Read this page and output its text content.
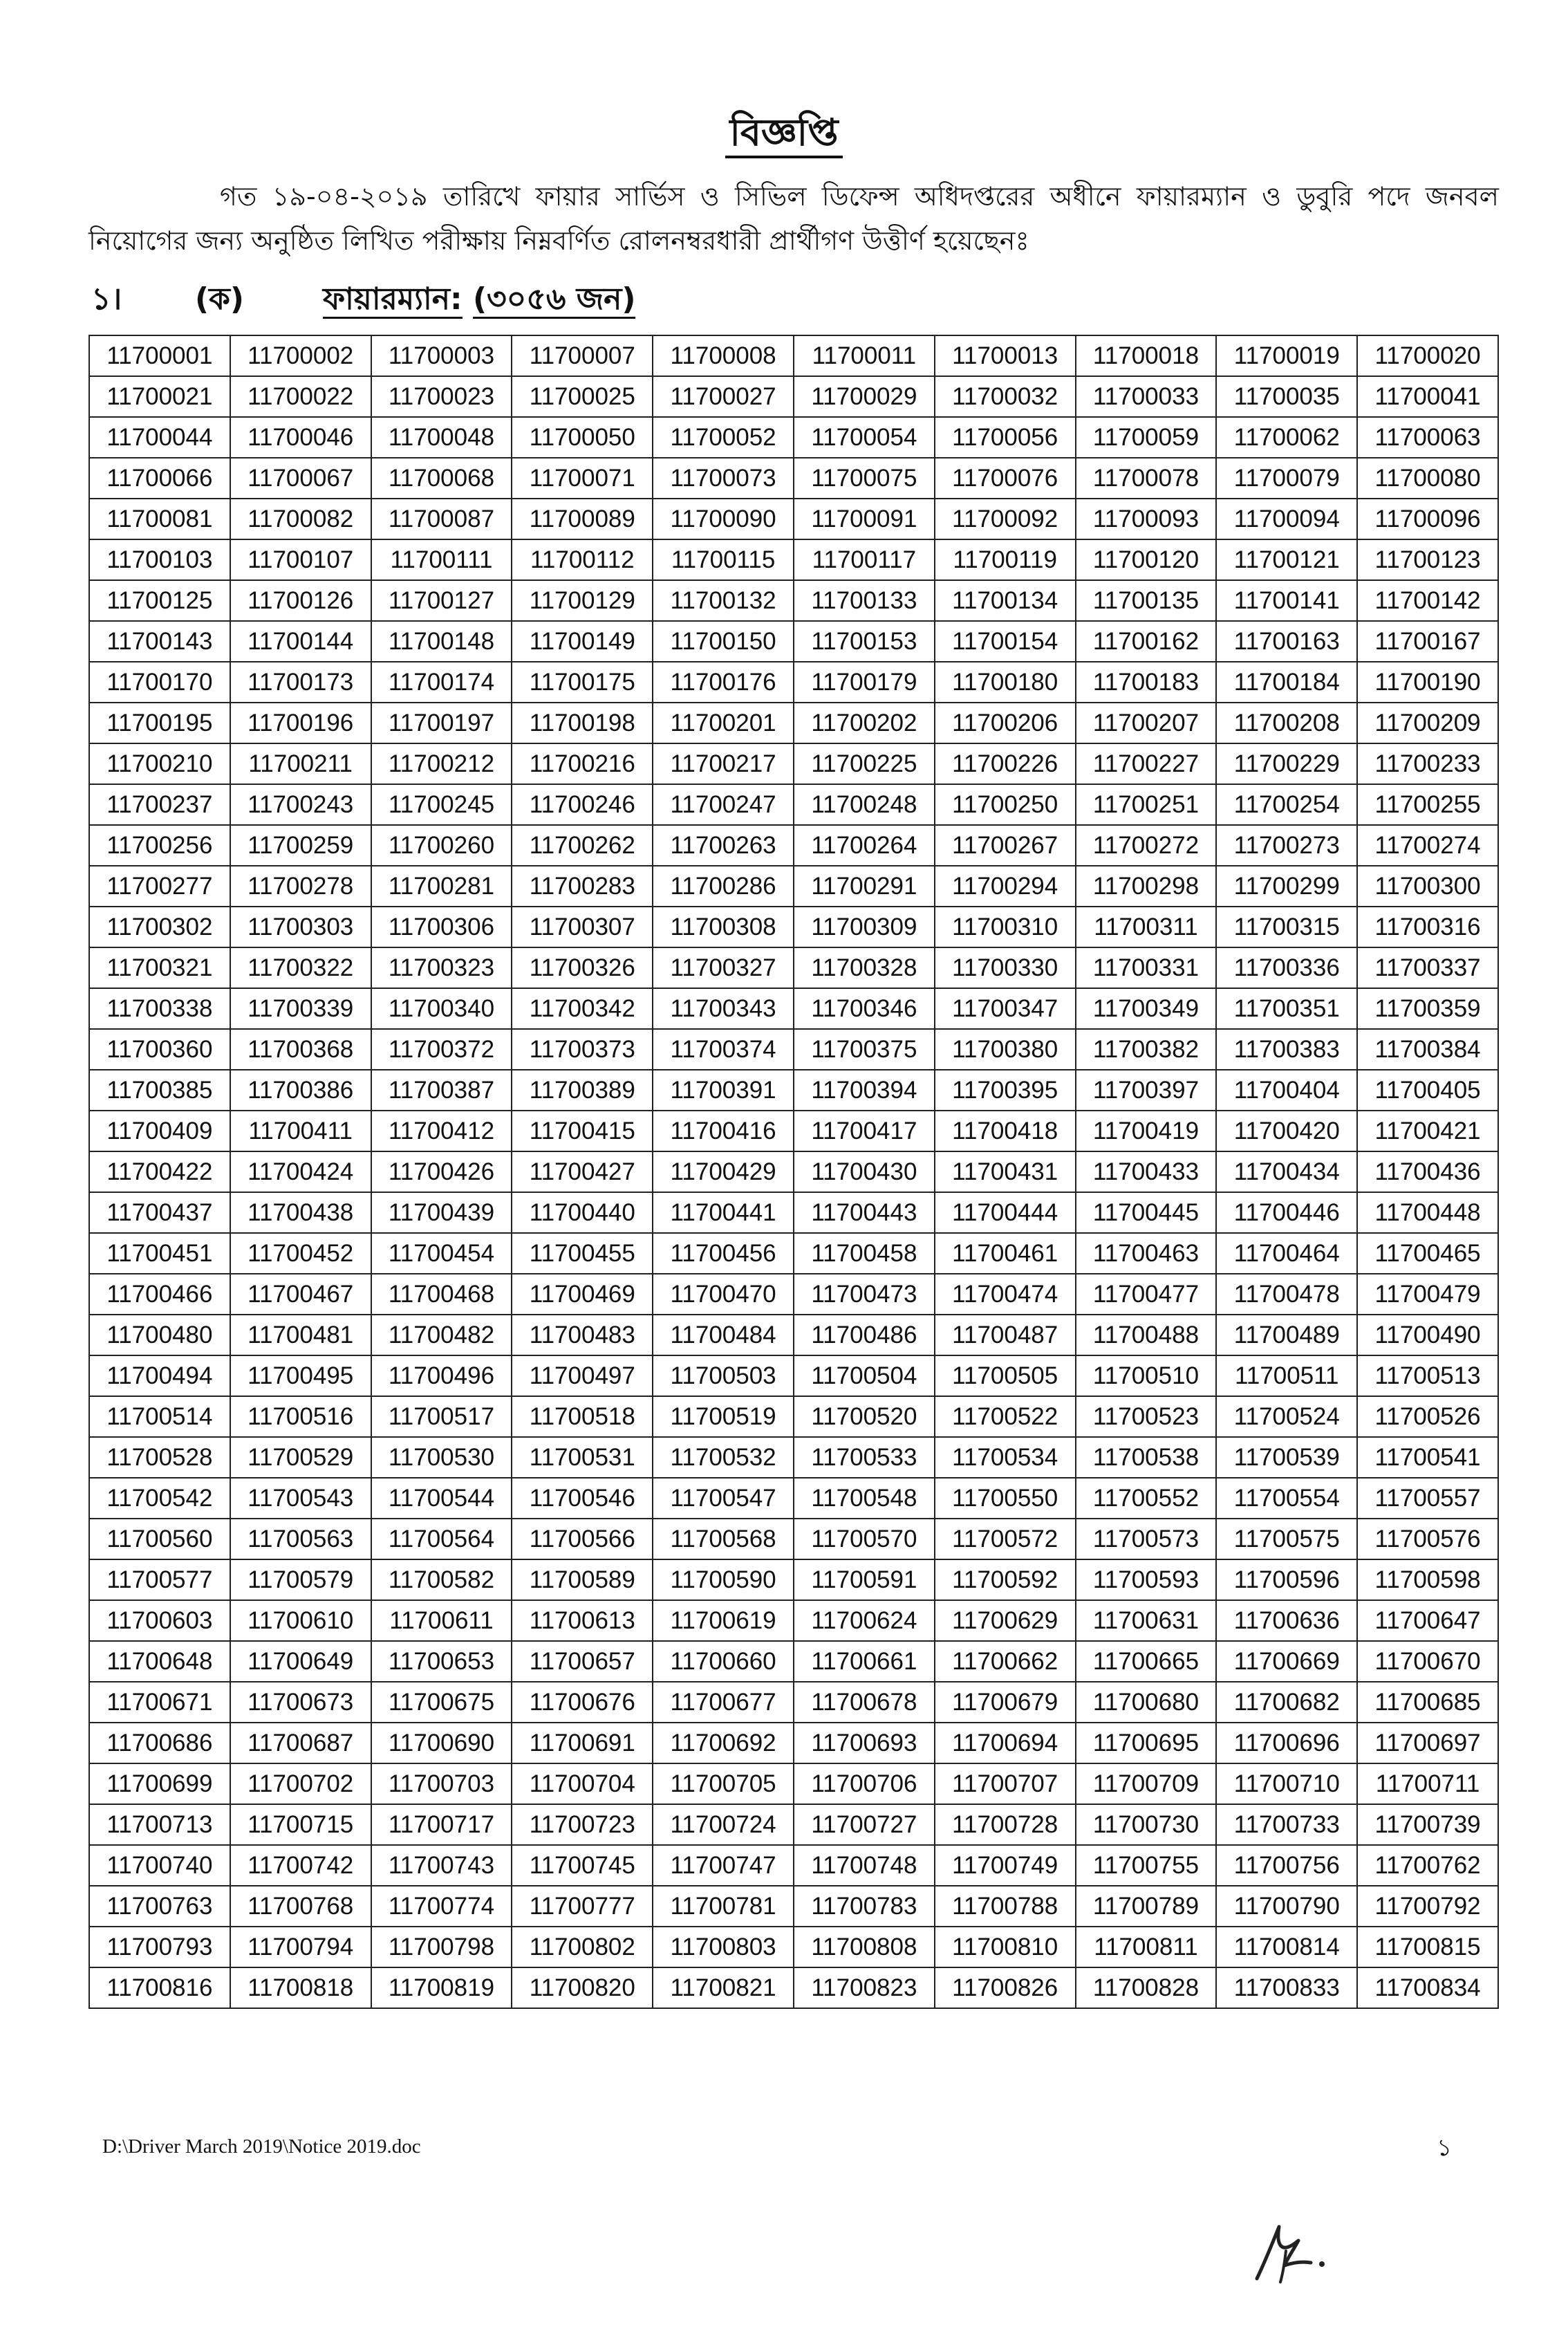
বিজ্ঞপ্তি
গত ১৯-০৪-২০১৯ তারিখে ফায়ার সার্ভিস ও সিভিল ডিফেন্স অধিদপ্তরের অধীনে ফায়ারম্যান ও ডুবুরি পদে জনবল নিয়োগের জন্য অনুষ্ঠিত লিখিত পরীক্ষায় নিম্নবর্ণিত রোলনম্বরধারী প্রার্থীগণ উত্তীর্ণ হয়েছেনঃ
১।	(ক)	ফায়ারম্যান: (৩০৫৬ জন)
11700001	11700002	11700003	11700007	11700008	11700011	11700013	11700018	11700019	11700020
11700021	11700022	11700023	11700025	11700027	11700029	11700032	11700033	11700035	11700041
11700044	11700046	11700048	11700050	11700052	11700054	11700056	11700059	11700062	11700063
11700066	11700067	11700068	11700071	11700073	11700075	11700076	11700078	11700079	11700080
11700081	11700082	11700087	11700089	11700090	11700091	11700092	11700093	11700094	11700096
11700103	11700107	11700111	11700112	11700115	11700117	11700119	11700120	11700121	11700123
11700125	11700126	11700127	11700129	11700132	11700133	11700134	11700135	11700141	11700142
11700143	11700144	11700148	11700149	11700150	11700153	11700154	11700162	11700163	11700167
11700170	11700173	11700174	11700175	11700176	11700179	11700180	11700183	11700184	11700190
11700195	11700196	11700197	11700198	11700201	11700202	11700206	11700207	11700208	11700209
11700210	11700211	11700212	11700216	11700217	11700225	11700226	11700227	11700229	11700233
11700237	11700243	11700245	11700246	11700247	11700248	11700250	11700251	11700254	11700255
11700256	11700259	11700260	11700262	11700263	11700264	11700267	11700272	11700273	11700274
11700277	11700278	11700281	11700283	11700286	11700291	11700294	11700298	11700299	11700300
11700302	11700303	11700306	11700307	11700308	11700309	11700310	11700311	11700315	11700316
11700321	11700322	11700323	11700326	11700327	11700328	11700330	11700331	11700336	11700337
11700338	11700339	11700340	11700342	11700343	11700346	11700347	11700349	11700351	11700359
11700360	11700368	11700372	11700373	11700374	11700375	11700380	11700382	11700383	11700384
11700385	11700386	11700387	11700389	11700391	11700394	11700395	11700397	11700404	11700405
11700409	11700411	11700412	11700415	11700416	11700417	11700418	11700419	11700420	11700421
11700422	11700424	11700426	11700427	11700429	11700430	11700431	11700433	11700434	11700436
11700437	11700438	11700439	11700440	11700441	11700443	11700444	11700445	11700446	11700448
11700451	11700452	11700454	11700455	11700456	11700458	11700461	11700463	11700464	11700465
11700466	11700467	11700468	11700469	11700470	11700473	11700474	11700477	11700478	11700479
11700480	11700481	11700482	11700483	11700484	11700486	11700487	11700488	11700489	11700490
11700494	11700495	11700496	11700497	11700503	11700504	11700505	11700510	11700511	11700513
11700514	11700516	11700517	11700518	11700519	11700520	11700522	11700523	11700524	11700526
11700528	11700529	11700530	11700531	11700532	11700533	11700534	11700538	11700539	11700541
11700542	11700543	11700544	11700546	11700547	11700548	11700550	11700552	11700554	11700557
11700560	11700563	11700564	11700566	11700568	11700570	11700572	11700573	11700575	11700576
11700577	11700579	11700582	11700589	11700590	11700591	11700592	11700593	11700596	11700598
11700603	11700610	11700611	11700613	11700619	11700624	11700629	11700631	11700636	11700647
11700648	11700649	11700653	11700657	11700660	11700661	11700662	11700665	11700669	11700670
11700671	11700673	11700675	11700676	11700677	11700678	11700679	11700680	11700682	11700685
11700686	11700687	11700690	11700691	11700692	11700693	11700694	11700695	11700696	11700697
11700699	11700702	11700703	11700704	11700705	11700706	11700707	11700709	11700710	11700711
11700713	11700715	11700717	11700723	11700724	11700727	11700728	11700730	11700733	11700739
11700740	11700742	11700743	11700745	11700747	11700748	11700749	11700755	11700756	11700762
11700763	11700768	11700774	11700777	11700781	11700783	11700788	11700789	11700790	11700792
11700793	11700794	11700798	11700802	11700803	11700808	11700810	11700811	11700814	11700815
11700816	11700818	11700819	11700820	11700821	11700823	11700826	11700828	11700833	11700834
D:\Driver March 2019\Notice 2019.doc	১
